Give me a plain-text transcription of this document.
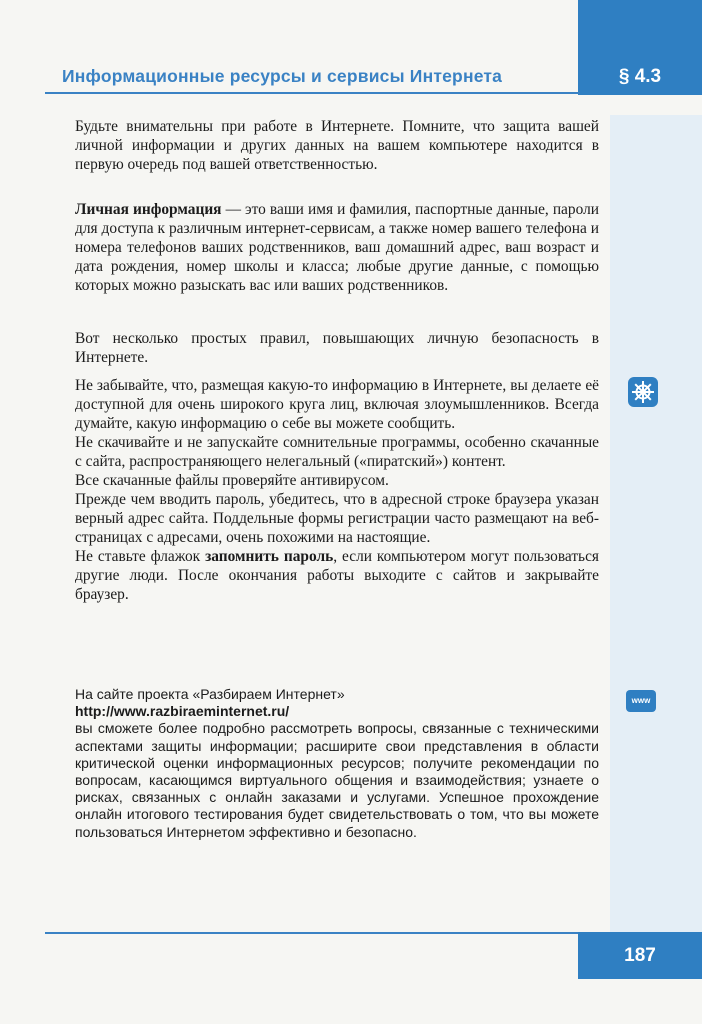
§ 4.3
Информационные ресурсы и сервисы Интернета

Будьте внимательны при работе в Интернете. Помните, что защита вашей личной информации и других данных на вашем компьютере находится в первую очередь под вашей ответственностью.

Личная информация — это ваши имя и фамилия, паспортные данные, пароли для доступа к различным интернет-сервисам, а также номер вашего телефона и номера телефонов ваших родственников, ваш домашний адрес, ваш возраст и дата рождения, номер школы и класса; любые другие данные, с помощью которых можно разыскать вас или ваших родственников.

Вот несколько простых правил, повышающих личную безопасность в Интернете.

Не забывайте, что, размещая какую-то информацию в Интернете, вы делаете её доступной для очень широкого круга лиц, включая злоумышленников. Всегда думайте, какую информацию о себе вы можете сообщить.

Не скачивайте и не запускайте сомнительные программы, особенно скачанные с сайта, распространяющего нелегальный («пиратский») контент.

Все скачанные файлы проверяйте антивирусом.

Прежде чем вводить пароль, убедитесь, что в адресной строке браузера указан верный адрес сайта. Поддельные формы регистрации часто размещают на веб-страницах с адресами, очень похожими на настоящие.

Не ставьте флажок запомнить пароль, если компьютером могут пользоваться другие люди. После окончания работы выходите с сайтов и закрывайте браузер.

www
На сайте проекта «Разбираем Интернет»
http://www.razbiraeminternet.ru/
вы сможете более подробно рассмотреть вопросы, связанные с техническими аспектами защиты информации; расширите свои представления в области критической оценки информационных ресурсов; получите рекомендации по вопросам, касающимся виртуального общения и взаимодействия; узнаете о рисках, связанных с онлайн заказами и услугами. Успешное прохождение онлайн итогового тестирования будет свидетельствовать о том, что вы можете пользоваться Интернетом эффективно и безопасно.
187
